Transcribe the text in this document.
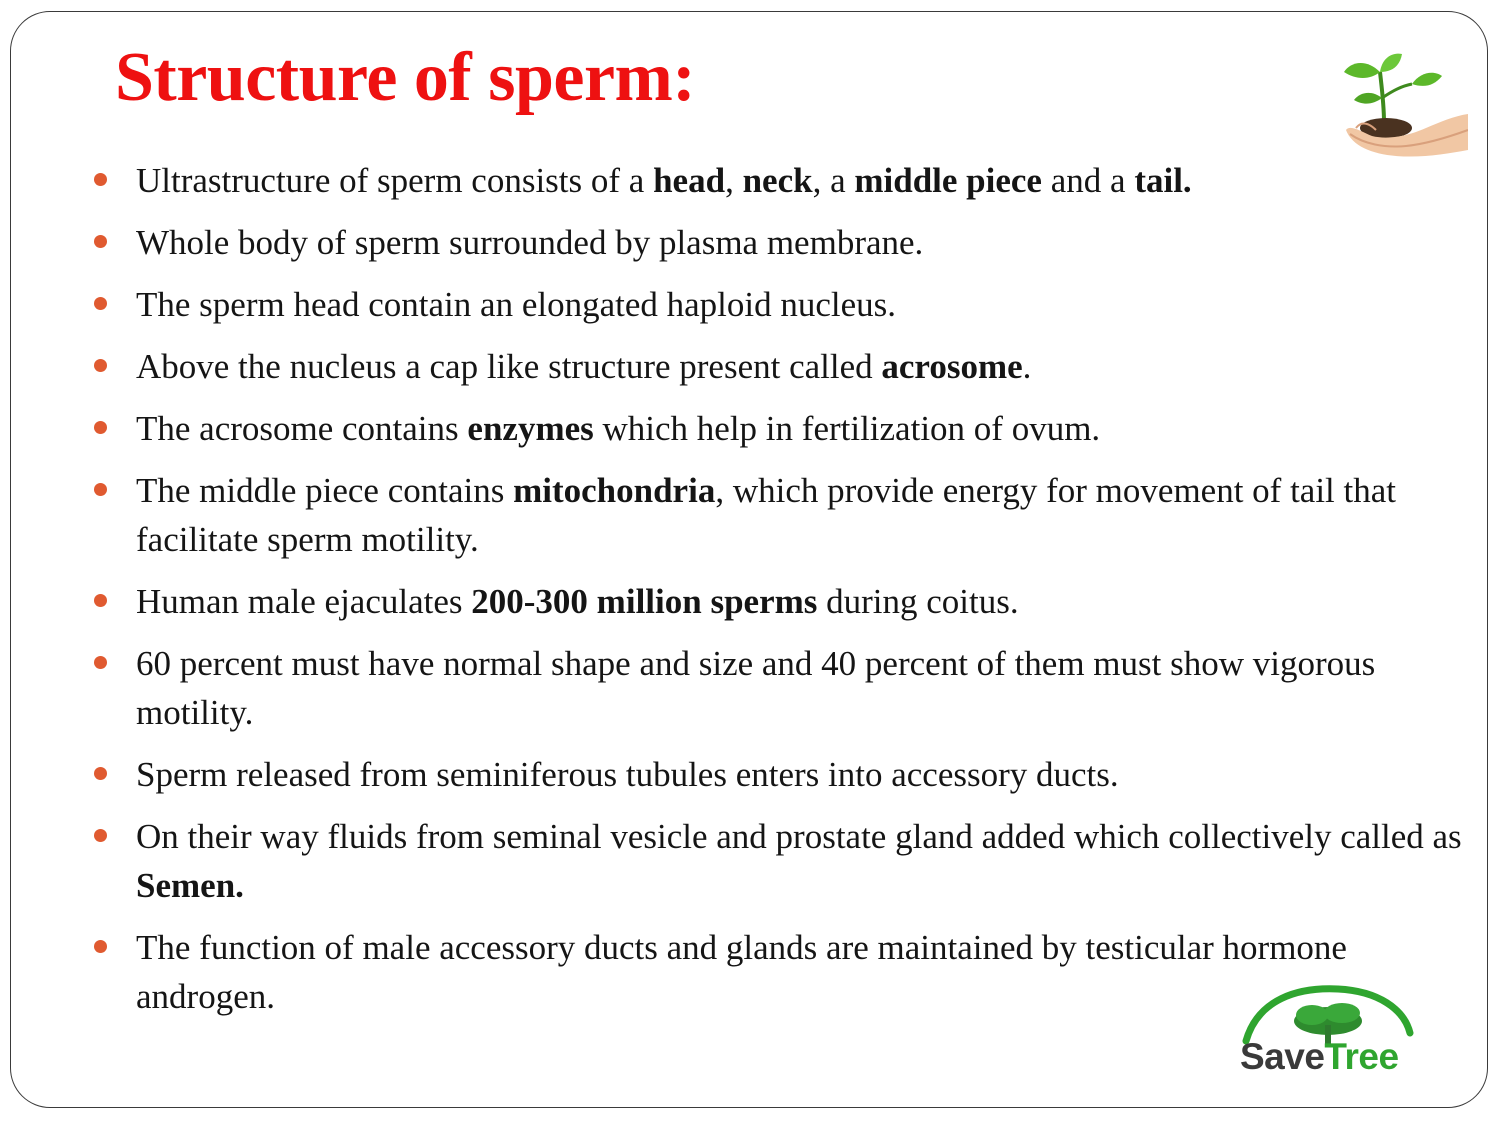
Structure of sperm:
Ultrastructure of sperm consists of a head, neck, a middle piece and a tail.
Whole body of sperm surrounded by plasma membrane.
The sperm head contain an elongated haploid nucleus.
Above the nucleus a cap like structure present called acrosome.
The acrosome contains enzymes which help in fertilization of ovum.
The middle piece contains mitochondria, which provide energy for movement of tail that facilitate sperm motility.
Human male ejaculates 200-300 million sperms during coitus.
60 percent must have normal shape and size and 40 percent of them must show vigorous motility.
Sperm released from seminiferous tubules enters into accessory ducts.
On their way fluids from seminal vesicle and prostate gland added which collectively called as Semen.
The function of male accessory ducts and glands are maintained by testicular hormone androgen.
SaveTree
